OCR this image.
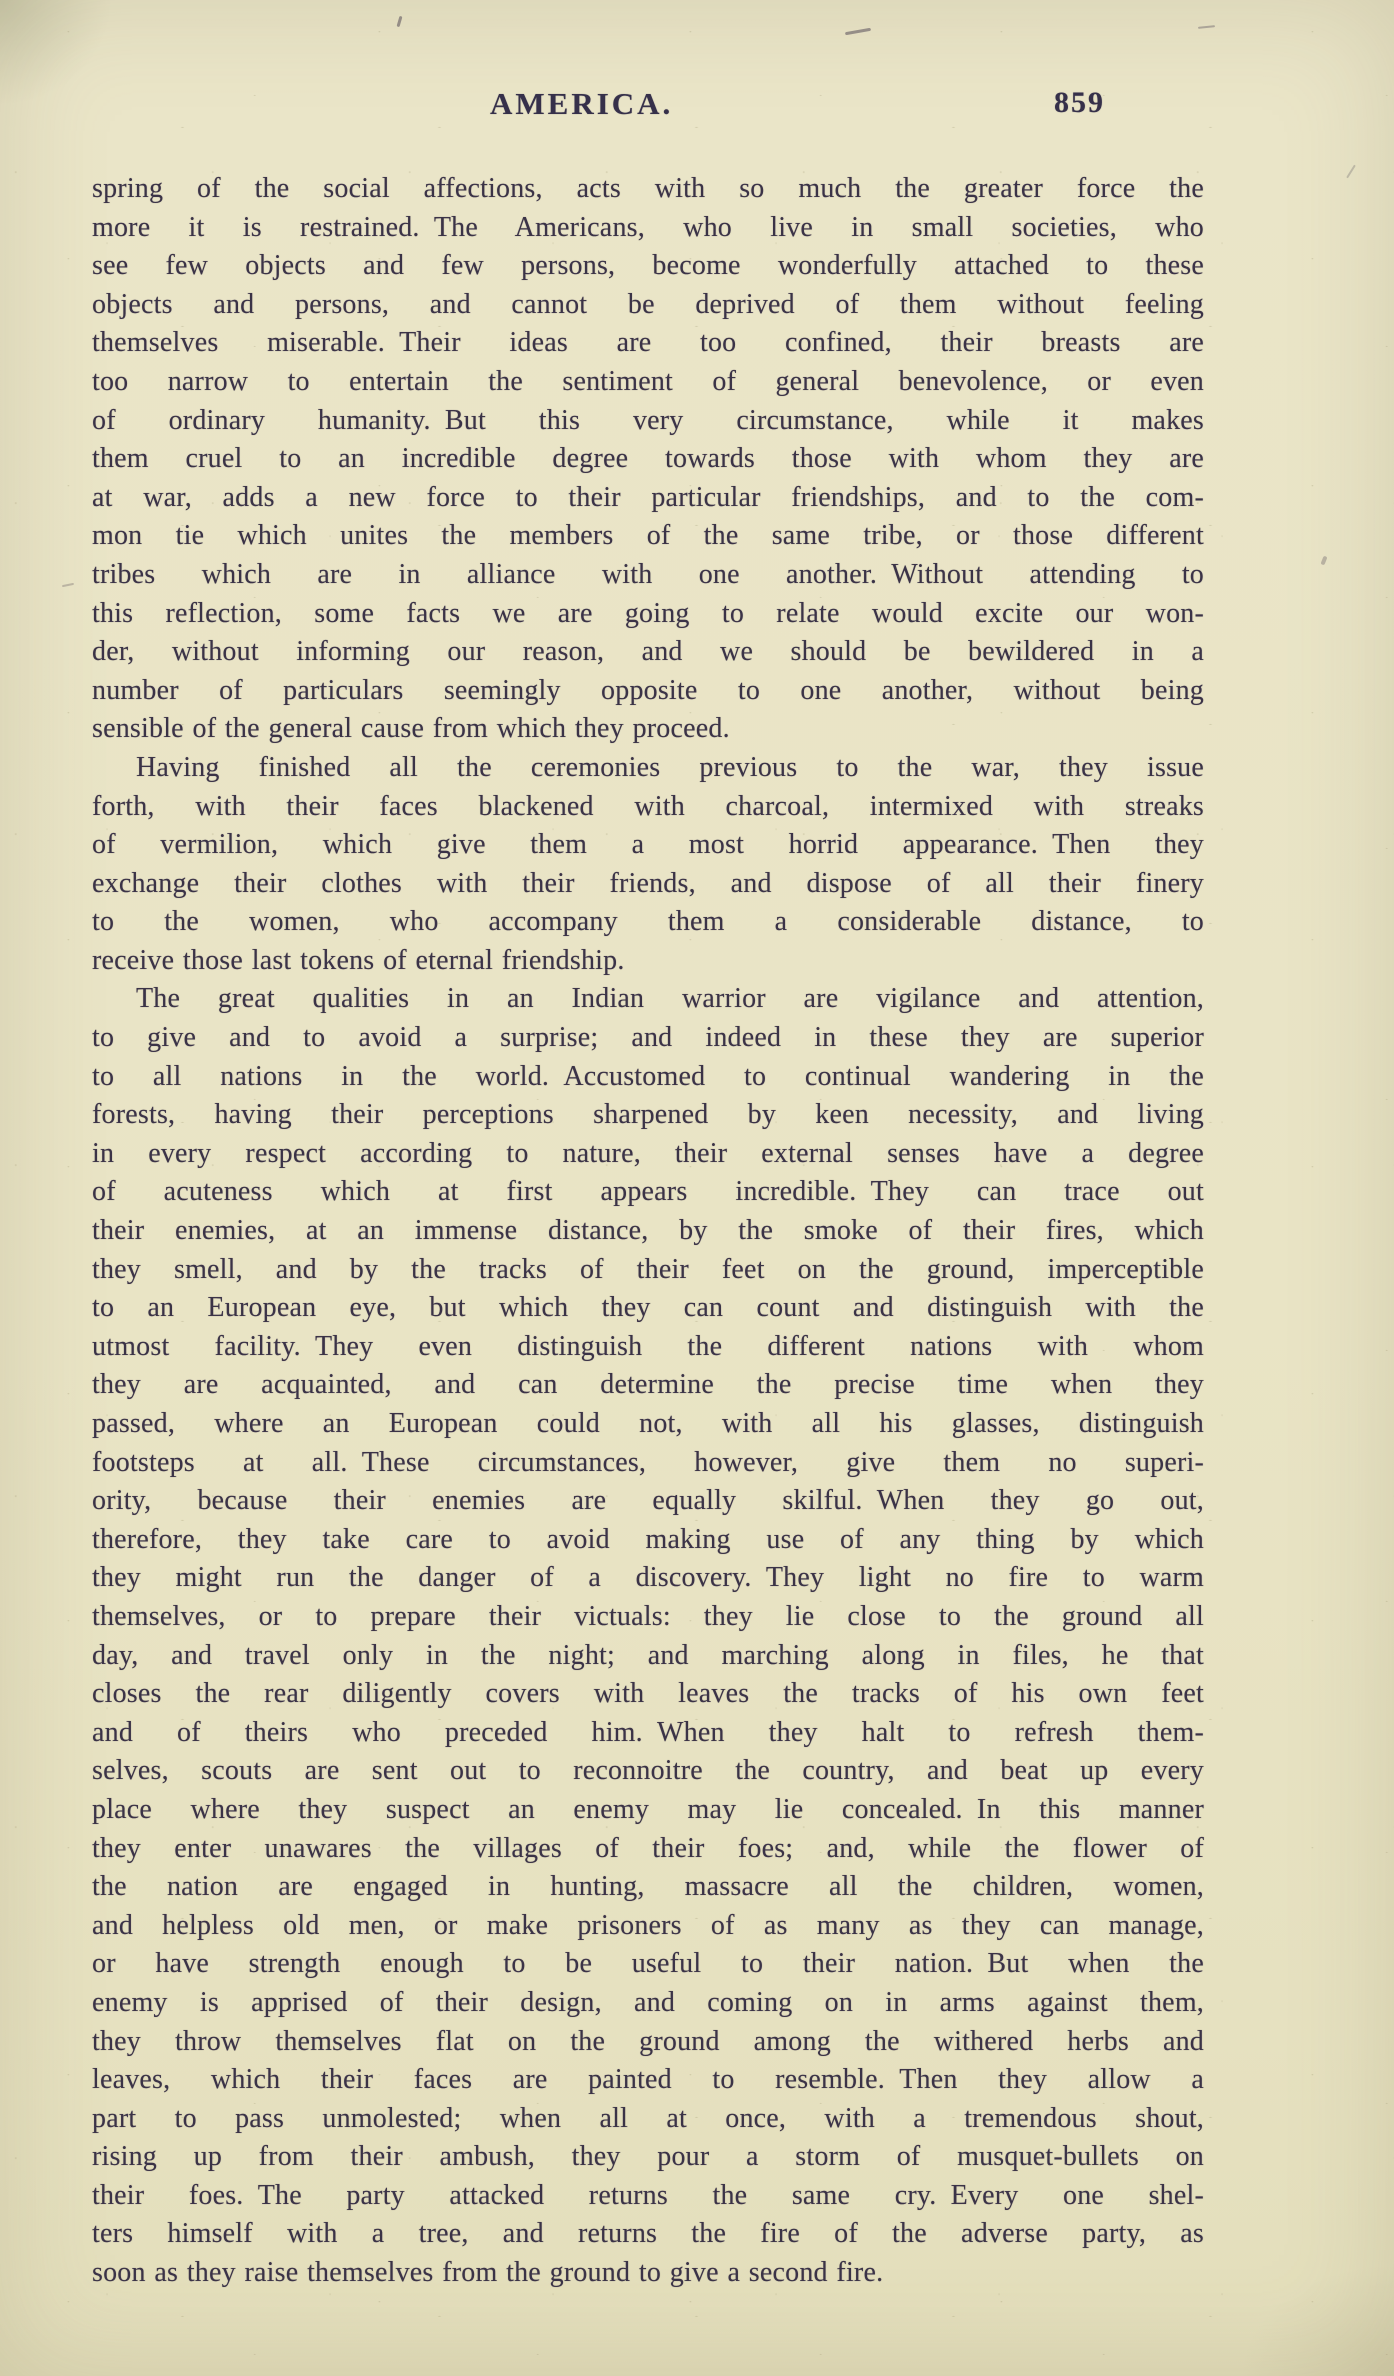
AMERICA.	859
spring of the social affections, acts with so much the greater force the
more it is restrained. The Americans, who live in small societies, who
see few objects and few persons, become wonderfully attached to these
objects and persons, and cannot be deprived of them without feeling
themselves miserable. Their ideas are too confined, their breasts are
too narrow to entertain the sentiment of general benevolence, or even
of ordinary humanity. But this very circumstance, while it makes
them cruel to an incredible degree towards those with whom they are
at war, adds a new force to their particular friendships, and to the com-
mon tie which unites the members of the same tribe, or those different
tribes which are in alliance with one another. Without attending to
this reflection, some facts we are going to relate would excite our won-
der, without informing our reason, and we should be bewildered in a
number of particulars seemingly opposite to one another, without being
sensible of the general cause from which they proceed.
Having finished all the ceremonies previous to the war, they issue
forth, with their faces blackened with charcoal, intermixed with streaks
of vermilion, which give them a most horrid appearance. Then they
exchange their clothes with their friends, and dispose of all their finery
to the women, who accompany them a considerable distance, to
receive those last tokens of eternal friendship.
The great qualities in an Indian warrior are vigilance and attention,
to give and to avoid a surprise; and indeed in these they are superior
to all nations in the world. Accustomed to continual wandering in the
forests, having their perceptions sharpened by keen necessity, and living
in every respect according to nature, their external senses have a degree
of acuteness which at first appears incredible. They can trace out
their enemies, at an immense distance, by the smoke of their fires, which
they smell, and by the tracks of their feet on the ground, imperceptible
to an European eye, but which they can count and distinguish with the
utmost facility. They even distinguish the different nations with whom
they are acquainted, and can determine the precise time when they
passed, where an European could not, with all his glasses, distinguish
footsteps at all. These circumstances, however, give them no superi-
ority, because their enemies are equally skilful. When they go out,
therefore, they take care to avoid making use of any thing by which
they might run the danger of a discovery. They light no fire to warm
themselves, or to prepare their victuals: they lie close to the ground all
day, and travel only in the night; and marching along in files, he that
closes the rear diligently covers with leaves the tracks of his own feet
and of theirs who preceded him. When they halt to refresh them-
selves, scouts are sent out to reconnoitre the country, and beat up every
place where they suspect an enemy may lie concealed. In this manner
they enter unawares the villages of their foes; and, while the flower of
the nation are engaged in hunting, massacre all the children, women,
and helpless old men, or make prisoners of as many as they can manage,
or have strength enough to be useful to their nation. But when the
enemy is apprised of their design, and coming on in arms against them,
they throw themselves flat on the ground among the withered herbs and
leaves, which their faces are painted to resemble. Then they allow a
part to pass unmolested; when all at once, with a tremendous shout,
rising up from their ambush, they pour a storm of musquet-bullets on
their foes. The party attacked returns the same cry. Every one shel-
ters himself with a tree, and returns the fire of the adverse party, as
soon as they raise themselves from the ground to give a second fire.
